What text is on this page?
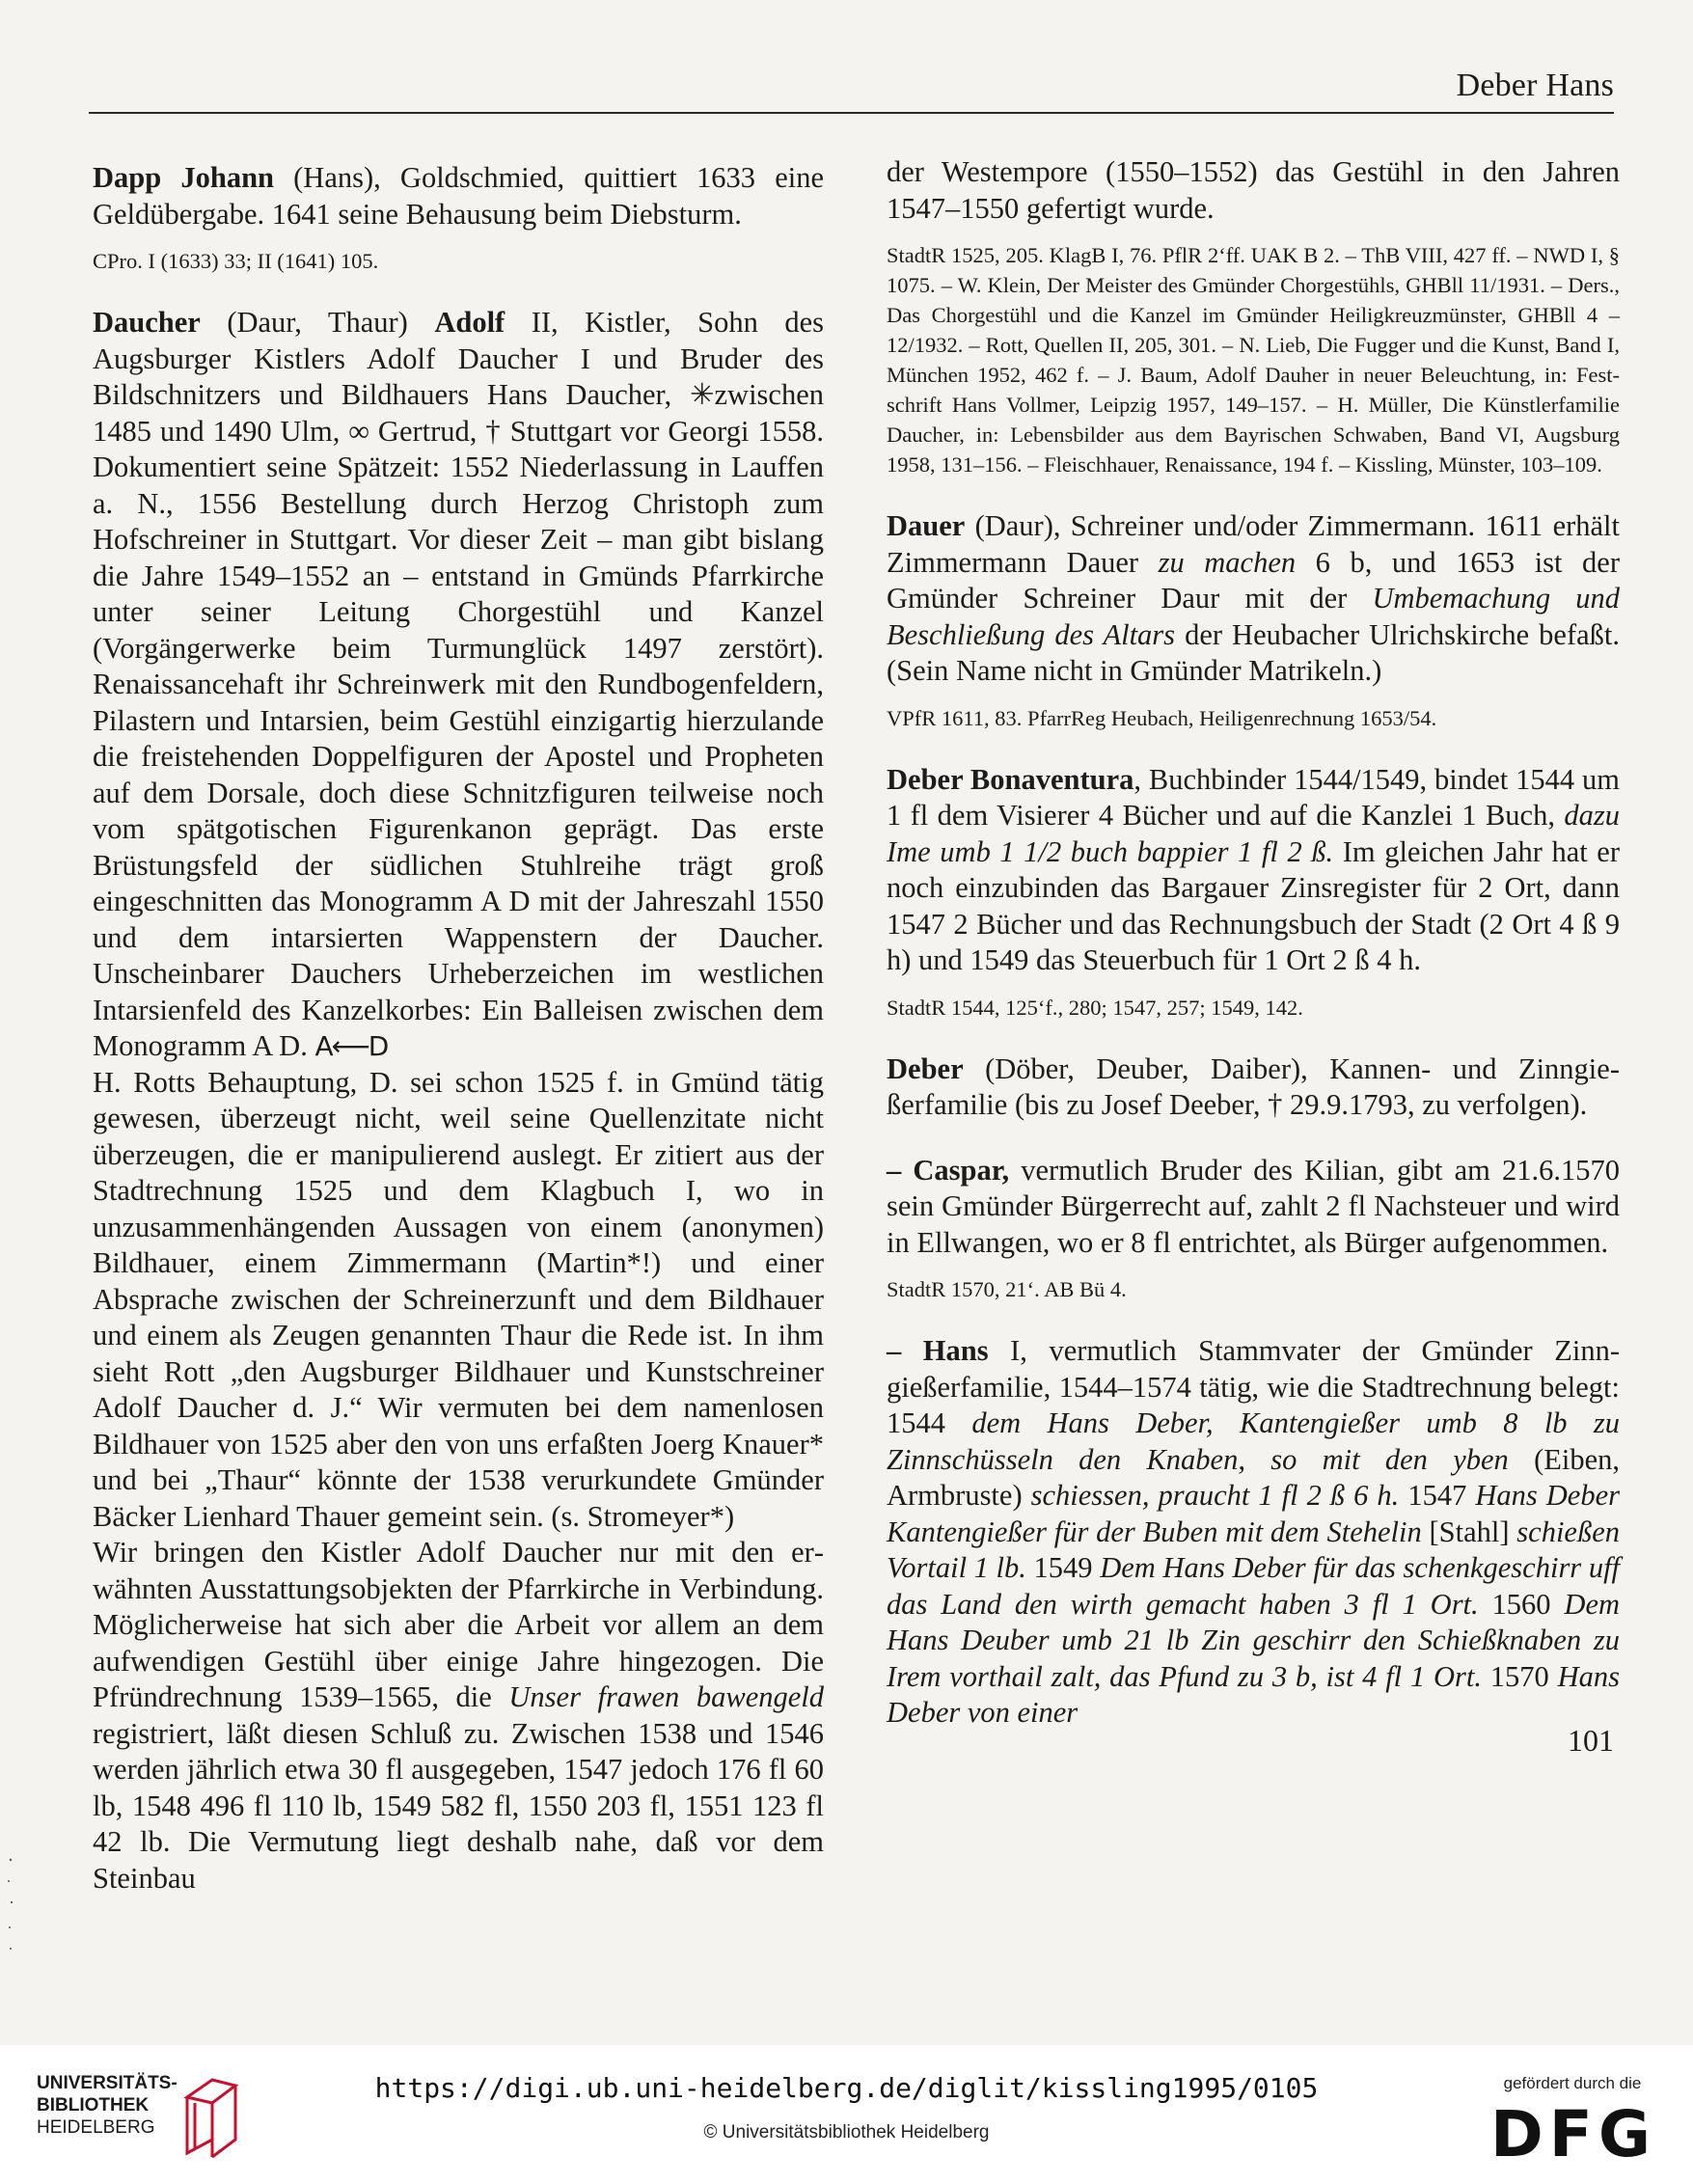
Deber Hans

Dapp Johann (Hans), Goldschmied, quittiert 1633 eine Geldübergabe. 1641 seine Behausung beim Diebsturm.

CPro. I (1633) 33; II (1641) 105.

Daucher (Daur, Thaur) Adolf II, Kistler, Sohn des Augsburger Kistlers Adolf Daucher I und Bruder des Bildschnitzers und Bildhauers Hans Daucher, ✳zwischen 1485 und 1490 Ulm, ∞ Gertrud, † Stuttgart vor Georgi 1558. Dokumentiert seine Spätzeit: 1552 Niederlassung in Lauffen a. N., 1556 Bestellung durch Herzog Christoph zum Hofschreiner in Stuttgart. Vor dieser Zeit – man gibt bislang die Jahre 1549–1552 an – entstand in Gmünds Pfarrkirche unter seiner Leitung Chorgestühl und Kanzel (Vorgängerwerke beim Turmunglück 1497 zerstört). Renaissancehaft ihr Schreinwerk mit den Rundbogenfeldern, Pilastern und Intarsien, beim Gestühl einzigartig hierzulande die freistehenden Doppelfiguren der Apostel und Propheten auf dem Dorsale, doch diese Schnitzfiguren teilweise noch vom spätgotischen Figurenkanon geprägt. Das erste Brüstungsfeld der südlichen Stuhlreihe trägt groß eingeschnitten das Monogramm A D mit der Jahreszahl 1550 und dem intarsierten Wappenstern der Daucher. Unscheinbarer Dauchers Urheberzeichen im westlichen Intarsienfeld des Kanzelkorbes: Ein Balleisen zwischen dem Monogramm A D. A⟵D

H. Rotts Behauptung, D. sei schon 1525 f. in Gmünd tätig gewesen, überzeugt nicht, weil seine Quellenzitate nicht überzeugen, die er manipulierend auslegt. Er zitiert aus der Stadtrechnung 1525 und dem Klagbuch I, wo in unzusammenhängenden Aussagen von einem (anonymen) Bildhauer, einem Zimmermann (Martin*!) und einer Absprache zwischen der Schreinerzunft und dem Bildhauer und einem als Zeugen genannten Thaur die Rede ist. In ihm sieht Rott „den Augsburger Bildhauer und Kunstschreiner Adolf Daucher d. J.“ Wir vermuten bei dem namenlosen Bildhauer von 1525 aber den von uns erfaßten Joerg Knauer* und bei „Thaur“ könnte der 1538 verurkundete Gmünder Bäcker Lienhard Thauer gemeint sein. (s. Stromeyer*)

Wir bringen den Kistler Adolf Daucher nur mit den erwähnten Ausstattungsobjekten der Pfarrkirche in Verbindung. Möglicherweise hat sich aber die Arbeit vor allem an dem aufwendigen Gestühl über einige Jahre hingezogen. Die Pfründrechnung 1539–1565, die Unser frawen bawengeld registriert, läßt diesen Schluß zu. Zwischen 1538 und 1546 werden jährlich etwa 30 fl ausgegeben, 1547 jedoch 176 fl 60 lb, 1548 496 fl 110 lb, 1549 582 fl, 1550 203 fl, 1551 123 fl 42 lb. Die Vermutung liegt deshalb nahe, daß vor dem Steinbau

der Westempore (1550–1552) das Gestühl in den Jahren 1547–1550 gefertigt wurde.

StadtR 1525, 205. KlagB I, 76. PflR 2‘ff. UAK B 2. – ThB VIII, 427 ff. – NWD I, § 1075. – W. Klein, Der Meister des Gmünder Chorgestühls, GHBll 11/1931. – Ders., Das Chorgestühl und die Kanzel im Gmünder Heiligkreuzmünster, GHBll 4 – 12/1932. – Rott, Quellen II, 205, 301. – N. Lieb, Die Fugger und die Kunst, Band I, München 1952, 462 f. – J. Baum, Adolf Dauher in neuer Beleuchtung, in: Festschrift Hans Vollmer, Leipzig 1957, 149–157. – H. Müller, Die Künstlerfamilie Daucher, in: Lebensbilder aus dem Bayrischen Schwaben, Band VI, Augsburg 1958, 131–156. – Fleischhauer, Renaissance, 194 f. – Kissling, Münster, 103–109.

Dauer (Daur), Schreiner und/oder Zimmermann. 1611 erhält Zimmermann Dauer zu machen 6 b, und 1653 ist der Gmünder Schreiner Daur mit der Umbemachung und Beschließung des Altars der Heubacher Ulrichskirche befaßt. (Sein Name nicht in Gmünder Matrikeln.)

VPfR 1611, 83. PfarrReg Heubach, Heiligenrechnung 1653/54.

Deber Bonaventura, Buchbinder 1544/1549, bindet 1544 um 1 fl dem Visierer 4 Bücher und auf die Kanzlei 1 Buch, dazu Ime umb 1 1/2 buch bappier 1 fl 2 ß. Im gleichen Jahr hat er noch einzubinden das Bargauer Zinsregister für 2 Ort, dann 1547 2 Bücher und das Rechnungsbuch der Stadt (2 Ort 4 ß 9 h) und 1549 das Steuerbuch für 1 Ort 2 ß 4 h.

StadtR 1544, 125‘f., 280; 1547, 257; 1549, 142.

Deber (Döber, Deuber, Daiber), Kannen- und Zinngießerfamilie (bis zu Josef Deeber, † 29.9.1793, zu verfolgen).

– Caspar, vermutlich Bruder des Kilian, gibt am 21.6.1570 sein Gmünder Bürgerrecht auf, zahlt 2 fl Nachsteuer und wird in Ellwangen, wo er 8 fl entrichtet, als Bürger aufgenommen.

StadtR 1570, 21‘. AB Bü 4.

– Hans I, vermutlich Stammvater der Gmünder Zinngießerfamilie, 1544–1574 tätig, wie die Stadtrechnung belegt: 1544 dem Hans Deber, Kantengießer umb 8 lb zu Zinnschüsseln den Knaben, so mit den yben (Eiben, Armbruste) schiessen, praucht 1 fl 2 ß 6 h. 1547 Hans Deber Kantengießer für der Buben mit dem Stehelin [Stahl] schießen Vortail 1 lb. 1549 Dem Hans Deber für das schenkgeschirr uff das Land den wirth gemacht haben 3 fl 1 Ort. 1560 Dem Hans Deuber umb 21 lb Zin geschirr den Schießknaben zu Irem vorthail zalt, das Pfund zu 3 b, ist 4 fl 1 Ort. 1570 Hans Deber von einer

101
UNIVERSITÄTS-
BIBLIOTHEK
HEIDELBERG
https://digi.ub.uni-heidelberg.de/diglit/kissling1995/0105
© Universitätsbibliothek Heidelberg
gefördert durch die
DFG
